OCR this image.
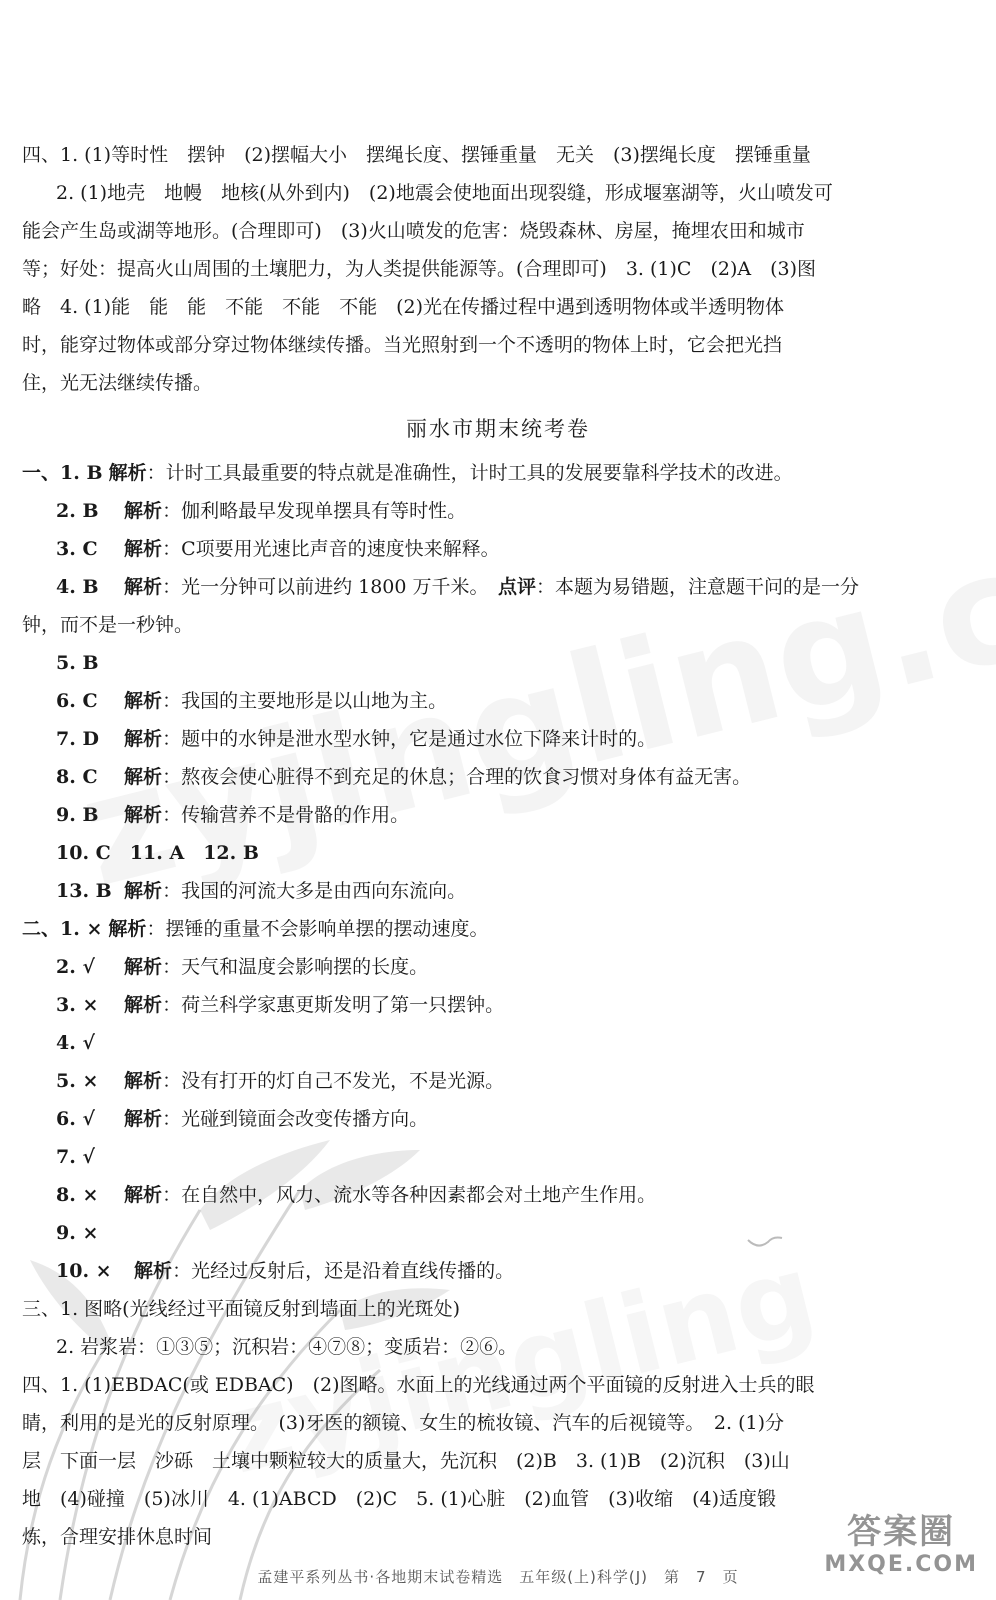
四、1. (1)等时性　摆钟　(2)摆幅大小　摆绳长度、摆锤重量　无关　(3)摆绳长度　摆锤重量
2. (1)地壳　地幔　地核(从外到内)　(2)地震会使地面出现裂缝，形成堰塞湖等，火山喷发可
能会产生岛或湖等地形。(合理即可)　(3)火山喷发的危害：烧毁森林、房屋，掩埋农田和城市
等；好处：提高火山周围的土壤肥力，为人类提供能源等。(合理即可)　3. (1)C　(2)A　(3)图
略　4. (1)能　能　能　不能　不能　不能　(2)光在传播过程中遇到透明物体或半透明物体
时，能穿过物体或部分穿过物体继续传播。当光照射到一个不透明的物体上时，它会把光挡
住，光无法继续传播。
丽水市期末统考卷
一、1. B 解析：计时工具最重要的特点就是准确性，计时工具的发展要靠科学技术的改进。
2. B 解析：伽利略最早发现单摆具有等时性。
3. C 解析：C项要用光速比声音的速度快来解释。
4. B 解析：光一分钟可以前进约 1800 万千米。　点评：本题为易错题，注意题干问的是一分
钟，而不是一秒钟。
5. B
6. C 解析：我国的主要地形是以山地为主。
7. D 解析：题中的水钟是泄水型水钟，它是通过水位下降来计时的。
8. C 解析：熬夜会使心脏得不到充足的休息；合理的饮食习惯对身体有益无害。
9. B 解析：传输营养不是骨骼的作用。
10. C　11. A　12. B
13. B 解析：我国的河流大多是由西向东流向。
二、1. × 解析：摆锤的重量不会影响单摆的摆动速度。
2. √ 解析：天气和温度会影响摆的长度。
3. × 解析：荷兰科学家惠更斯发明了第一只摆钟。
4. √
5. × 解析：没有打开的灯自己不发光，不是光源。
6. √ 解析：光碰到镜面会改变传播方向。
7. √
8. × 解析：在自然中，风力、流水等各种因素都会对土地产生作用。
9. ×
10. × 解析：光经过反射后，还是沿着直线传播的。
三、1. 图略(光线经过平面镜反射到墙面上的光斑处)
2. 岩浆岩：①③⑤；沉积岩：④⑦⑧；变质岩：②⑥。
四、1. (1)EBDAC(或 EDBAC)　(2)图略。水面上的光线通过两个平面镜的反射进入士兵的眼
睛，利用的是光的反射原理。　(3)牙医的额镜、女生的梳妆镜、汽车的后视镜等。　2. (1)分
层　下面一层　沙砾　土壤中颗粒较大的质量大，先沉积　(2)B　3. (1)B　(2)沉积　(3)山
地　(4)碰撞　(5)冰川　4. (1)ABCD　(2)C　5. (1)心脏　(2)血管　(3)收缩　(4)适度锻
炼，合理安排休息时间	答案圈
MXQE.COM
孟建平系列丛书·各地期末试卷精选　五年级(上)科学(J)　第　7　页
